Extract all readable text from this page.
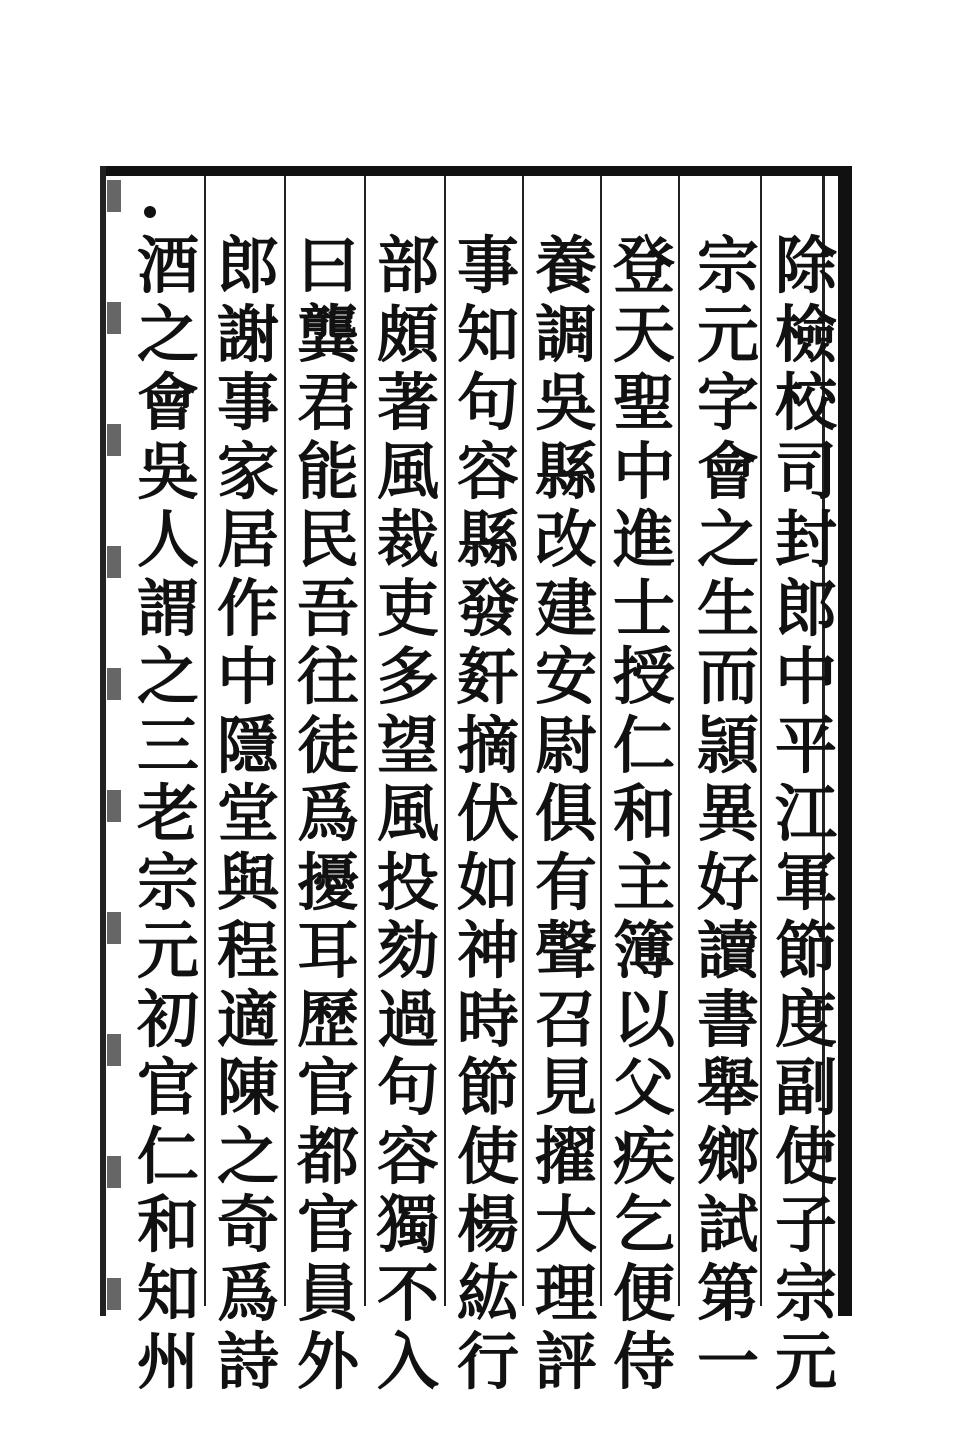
除
檢
校
司
封
郎
中
平
江
軍
節
度
副
使
子
宗
元
宗
元
字
會
之
生
而
頴
異
好
讀
書
舉
鄉
試
第
一
登
天
聖
中
進
士
授
仁
和
主
簿
以
父
疾
乞
便
侍
養
調
吳
縣
改
建
安
尉
俱
有
聲
召
見
擢
大
理
評
事
知
句
容
縣
發
姧
摘
伏
如
神
時
節
使
楊
紘
行
部
頗
著
風
裁
吏
多
望
風
投
劾
過
句
容
獨
不
入
曰
龔
君
能
民
吾
往
徒
爲
擾
耳
歷
官
都
官
員
外
郎
謝
事
家
居
作
中
隱
堂
與
程
適
陳
之
奇
爲
詩
酒
之
會
吳
人
謂
之
三
老
宗
元
初
官
仁
和
知
州
